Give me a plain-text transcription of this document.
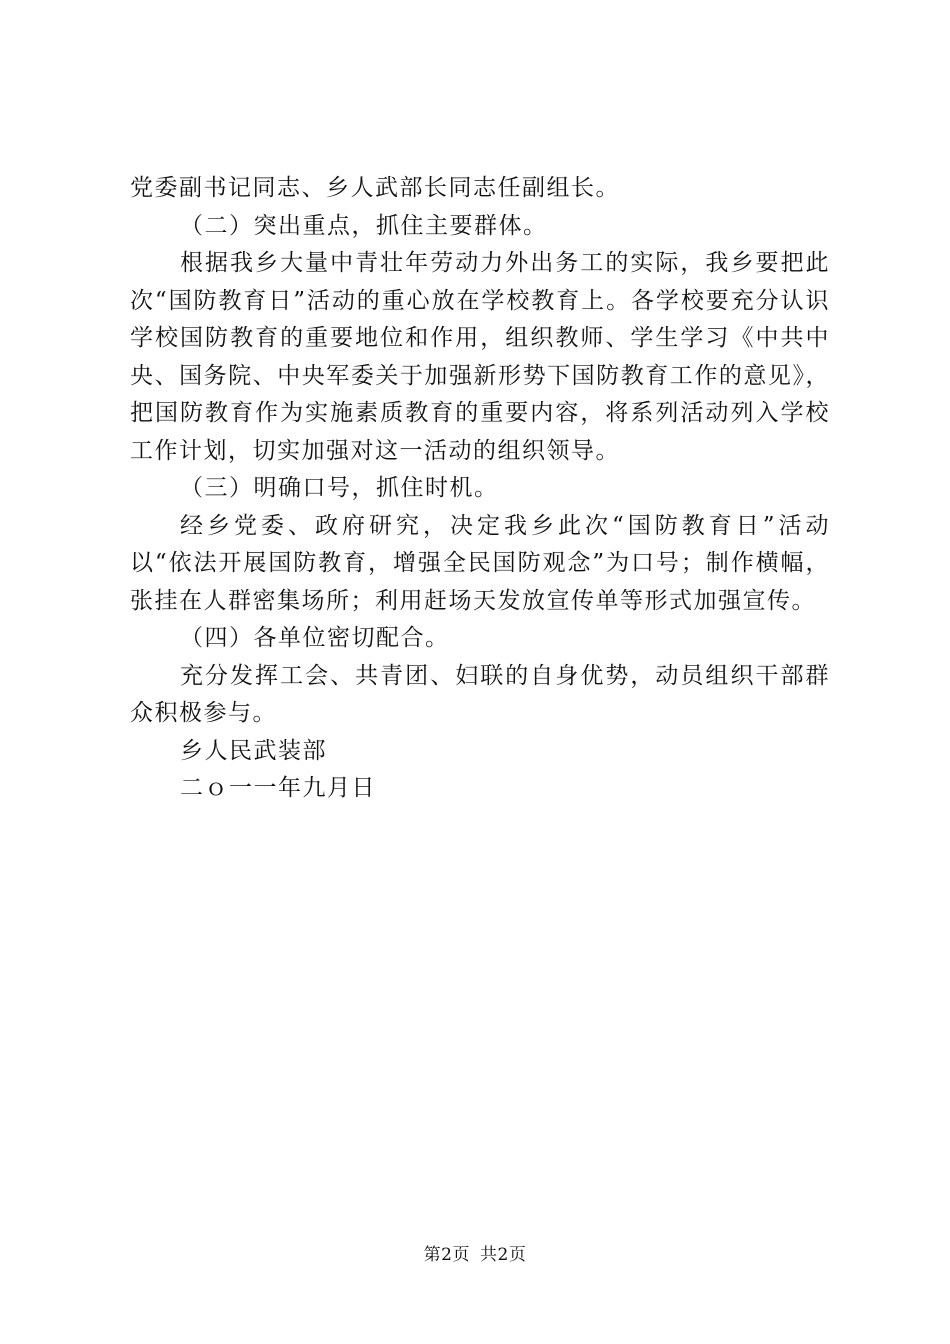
党委副书记同志、乡人武部长同志任副组长。

（二）突出重点，抓住主要群体。

根据我乡大量中青壮年劳动力外出务工的实际，我乡要把此次“国防教育日”活动的重心放在学校教育上。各学校要充分认识学校国防教育的重要地位和作用，组织教师、学生学习《中共中央、国务院、中央军委关于加强新形势下国防教育工作的意见》，把国防教育作为实施素质教育的重要内容，将系列活动列入学校工作计划，切实加强对这一活动的组织领导。

（三）明确口号，抓住时机。

经乡党委、政府研究，决定我乡此次“国防教育日”活动以“依法开展国防教育，增强全民国防观念”为口号；制作横幅，张挂在人群密集场所；利用赶场天发放宣传单等形式加强宣传。

（四）各单位密切配合。

充分发挥工会、共青团、妇联的自身优势，动员组织干部群众积极参与。

乡人民武装部

二ｏ一一年九月日

第2页 共2页
